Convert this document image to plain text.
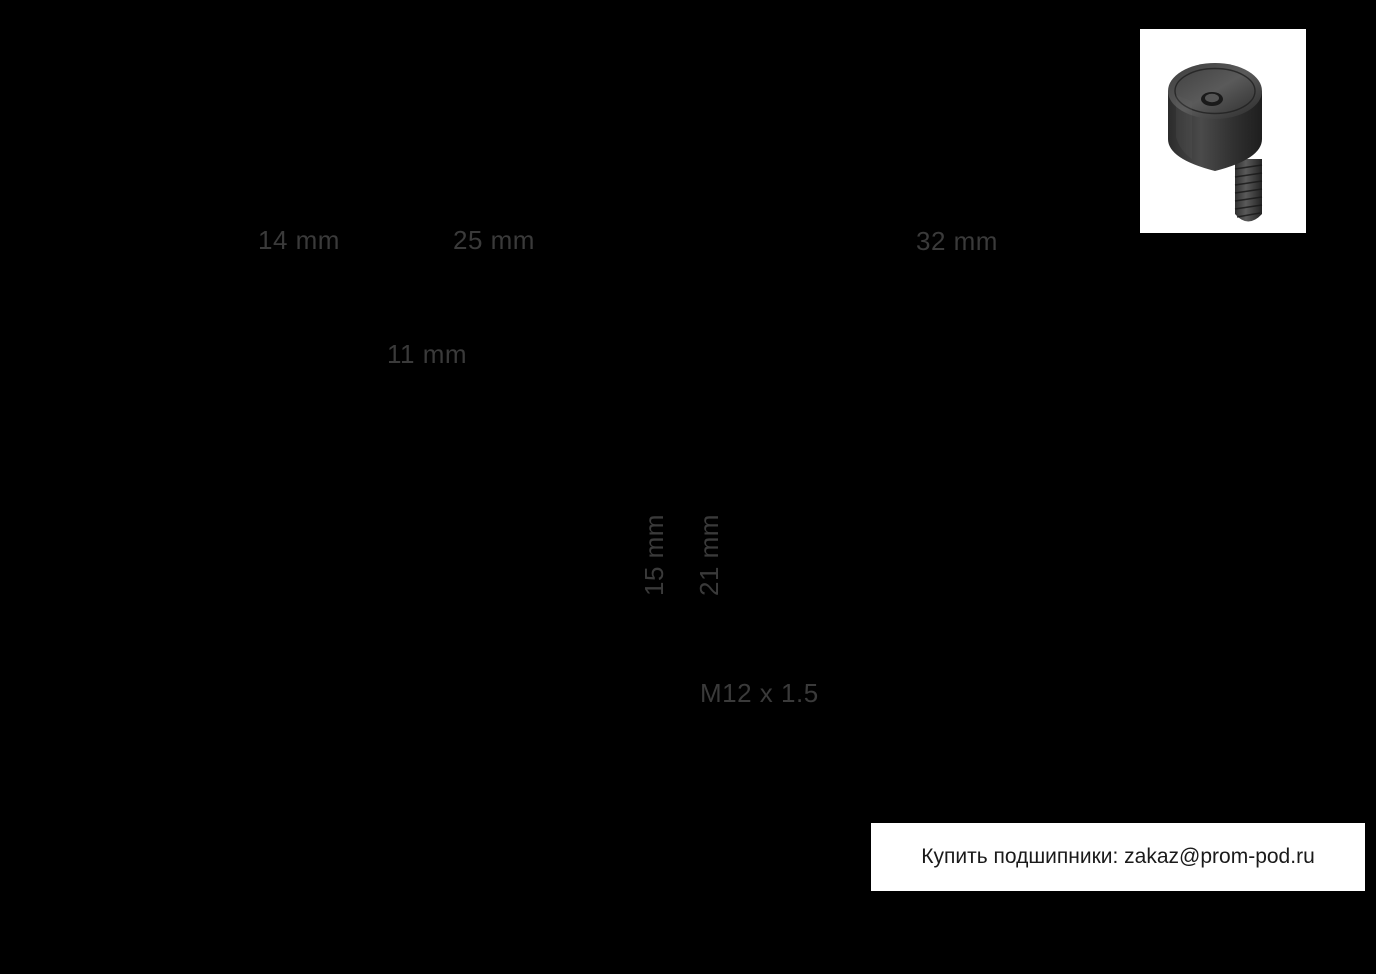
14 mm	25 mm	32 mm
11 mm
15 mm 21 mm
M12 x 1.5
Купить подшипники: zakaz@prom-pod.ru
